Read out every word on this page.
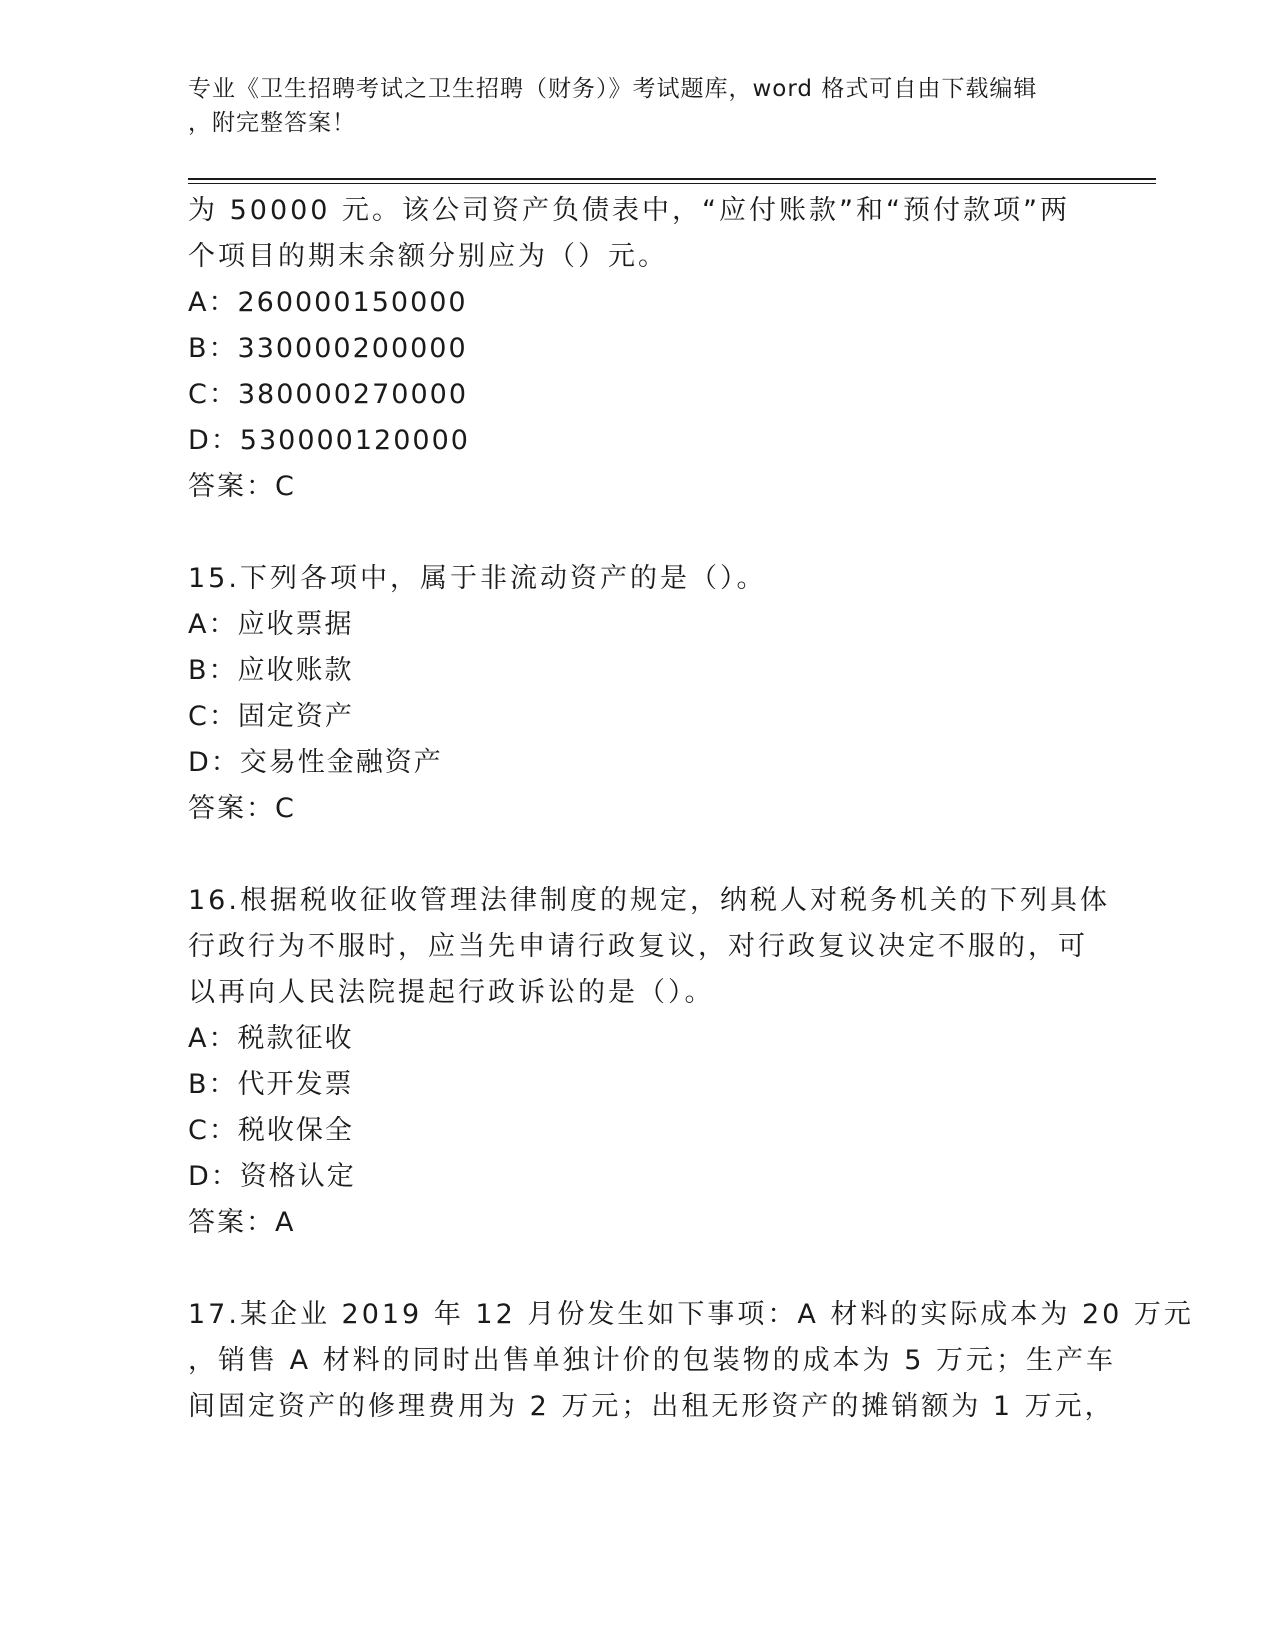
专业《卫生招聘考试之卫生招聘（财务）》考试题库，word 格式可自由下载编辑
，附完整答案！
为 50000 元。该公司资产负债表中，“应付账款”和“预付款项”两
个项目的期末余额分别应为（）元。
A：260000150000
B：330000200000
C：380000270000
D：530000120000
答案：C
15.下列各项中，属于非流动资产的是（）。
A：应收票据
B：应收账款
C：固定资产
D：交易性金融资产
答案：C
16.根据税收征收管理法律制度的规定，纳税人对税务机关的下列具体
行政行为不服时，应当先申请行政复议，对行政复议决定不服的，可
以再向人民法院提起行政诉讼的是（）。
A：税款征收
B：代开发票
C：税收保全
D：资格认定
答案：A
17.某企业 2019 年 12 月份发生如下事项：A 材料的实际成本为 20 万元
，销售 A 材料的同时出售单独计价的包装物的成本为 5 万元；生产车
间固定资产的修理费用为 2 万元；出租无形资产的摊销额为 1 万元，
